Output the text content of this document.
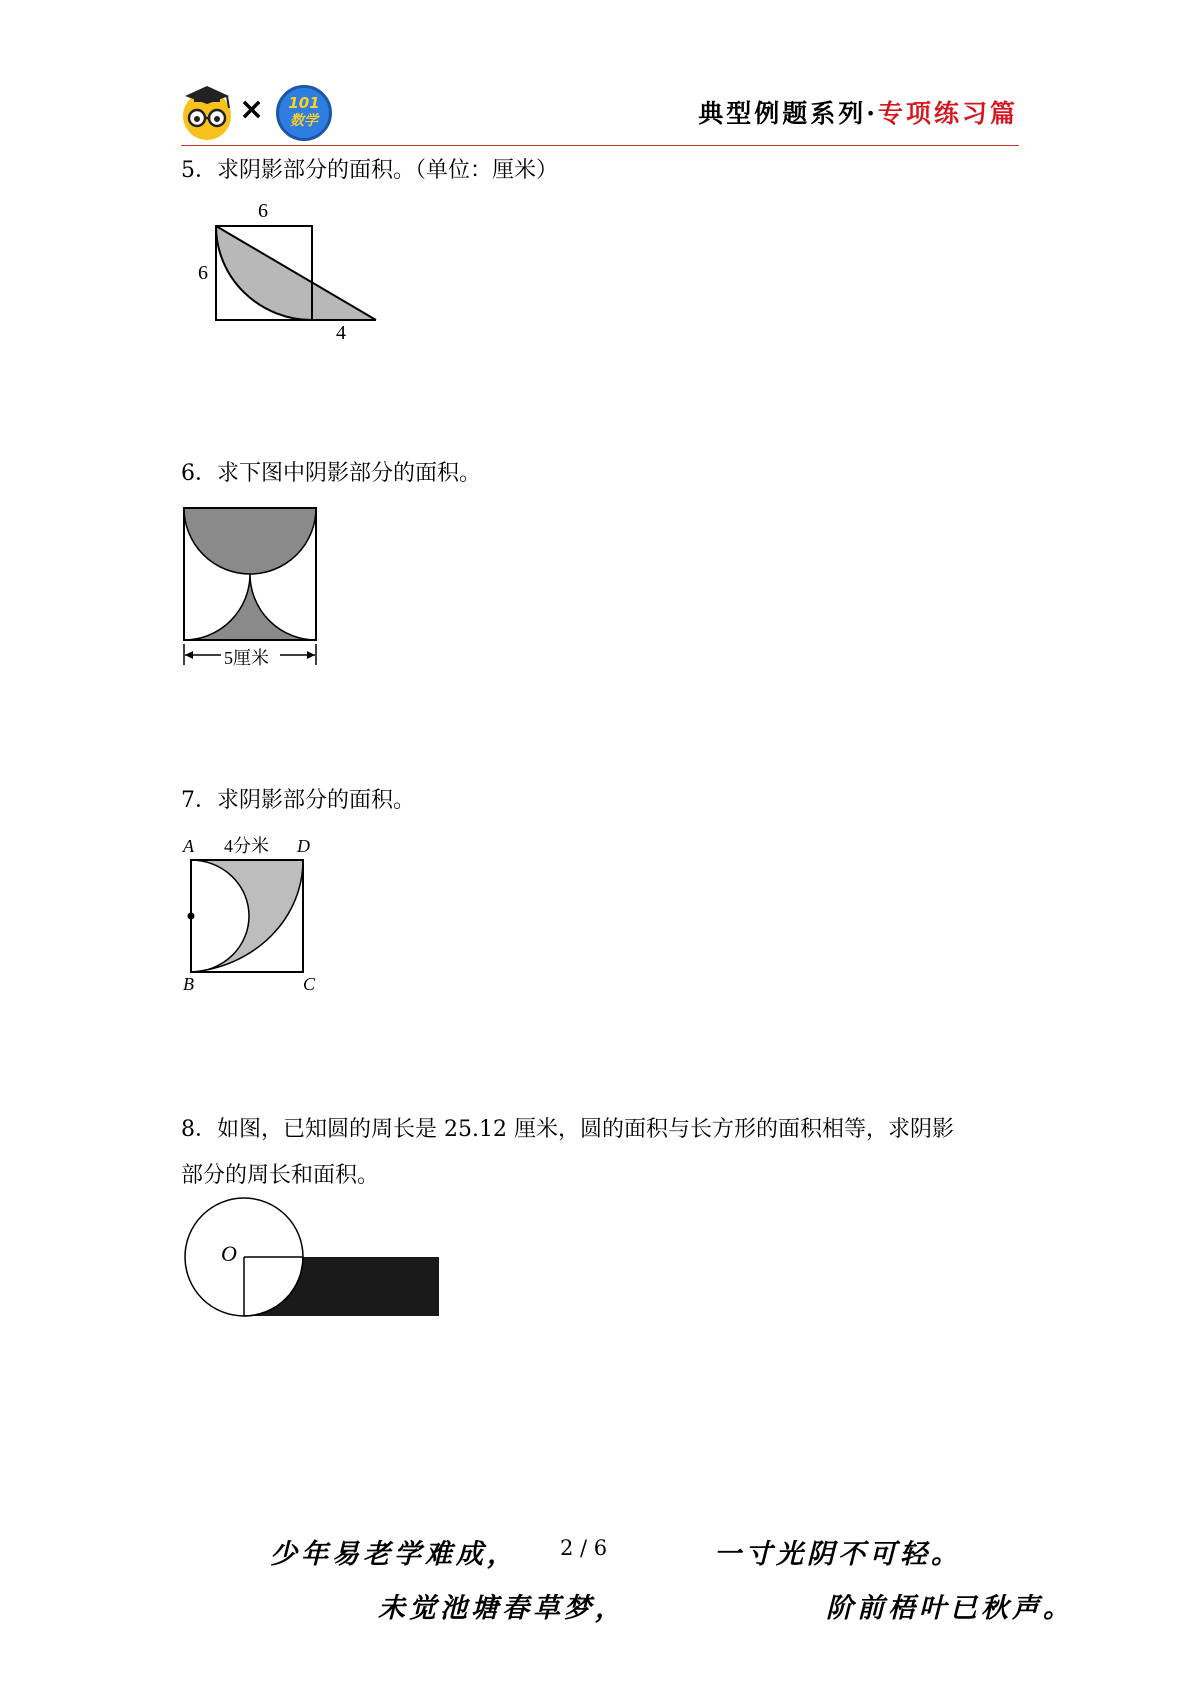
×	101
数学	典型例题系列·专项练习篇
5．求阴影部分的面积。（单位：厘米）
6
6
4
6．求下图中阴影部分的面积。
5厘米
7．求阴影部分的面积。
A 4分米 D
B	C
8．如图，已知圆的周长是 25.12 厘米，圆的面积与长方形的面积相等，求阴影
部分的周长和面积。
O
少年易老学难成， 2 / 6	一寸光阴不可轻。
未觉池塘春草梦，	阶前梧叶已秋声。
